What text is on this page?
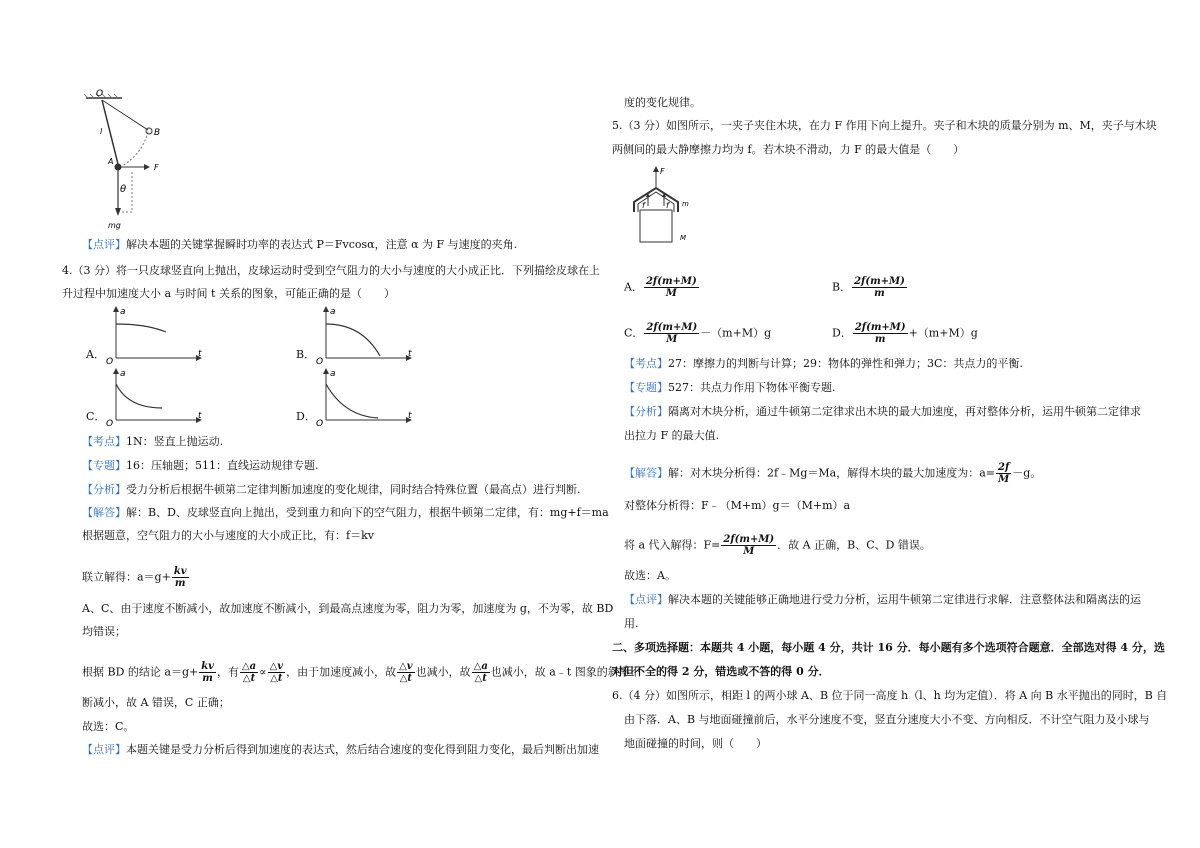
O
B
A
F
θ
l
mg
【点评】解决本题的关键掌握瞬时功率的表达式 P＝Fvcosα，注意 α 为 F 与速度的夹角.
4.（3 分）将一只皮球竖直向上抛出，皮球运动时受到空气阻力的大小与速度的大小成正比．下列描绘皮球在上
升过程中加速度大小 a 与时间 t 关系的图象，可能正确的是（　　）
A．
a
t
O
B．
a
t
O
C．
a
t
O
D．
a
t
O
【考点】1N：竖直上抛运动.
【专题】16：压轴题；511：直线运动规律专题.
【分析】受力分析后根据牛顿第二定律判断加速度的变化规律，同时结合特殊位置（最高点）进行判断.
【解答】解：B、D、皮球竖直向上抛出，受到重力和向下的空气阻力，根据牛顿第二定律，有：mg+f＝ma
根据题意，空气阻力的大小与速度的大小成正比，有：f＝kv
联立解得：$a=g+ \frac{kv}{m}$
A、C、由于速度不断减小，故加速度不断减小，到最高点速度为零，阻力为零，加速度为 g，不为零，故 BD
均错误；
根据 BD 的结论 $a=g+ \frac{kv}{m}$ ，有 $\frac{\triangle a}{\triangle t} \propto \frac{\triangle v}{\triangle t}$ ，由于加速度减小，故 $\frac{\triangle v}{\triangle t}$ 也减小，故 $\frac{\triangle a}{\triangle t}$ 也减小，故 a﹣t 图象的斜率不
断减小，故 A 错误，C 正确；
故选：C。
【点评】本题关键是受力分析后得到加速度的表达式，然后结合速度的变化得到阻力变化，最后判断出加速
度的变化规律。
5.（3 分）如图所示，一夹子夹住木块，在力 F 作用下向上提升。夹子和木块的质量分别为 m、M，夹子与木块
两侧间的最大静摩擦力均为 f。若木块不滑动，力 F 的最大值是（　　）
F
f	f m
M
A． $\frac{2f(m+M)}{M}$	B． $\frac{2f(m+M)}{m}$
C． $\frac{2f(m+M)}{M} -(m+M)g$	D． $\frac{2f(m+M)}{m} +(m+M)g$
【考点】27：摩擦力的判断与计算；29：物体的弹性和弹力；3C：共点力的平衡.
【专题】527：共点力作用下物体平衡专题.
【分析】隔离对木块分析，通过牛顿第二定律求出木块的最大加速度，再对整体分析，运用牛顿第二定律求
出拉力 F 的最大值.
【解答】解：对木块分析得：2f﹣Mg＝Ma，解得木块的最大加速度为：$a= \frac{2f}{M} -g$。
对整体分析得：F﹣（M+m）g＝（M+m）a
将 a 代入解得：$F= \frac{2f(m+M)}{M}$ ．故 A 正确，B、C、D 错误。
故选：A。
【点评】解决本题的关键能够正确地进行受力分析，运用牛顿第二定律进行求解．注意整体法和隔离法的运
用.
二、多项选择题：本题共 4 小题，每小题 4 分，共计 16 分．每小题有多个选项符合题意．全部选对得 4 分，选
对但不全的得 2 分，错选或不答的得 0 分．
6.（4 分）如图所示，相距 l 的两小球 A、B 位于同一高度 h（l、h 均为定值）．将 A 向 B 水平抛出的同时，B 自
由下落．A、B 与地面碰撞前后，水平分速度不变，竖直分速度大小不变、方向相反．不计空气阻力及小球与
地面碰撞的时间，则（　　）
